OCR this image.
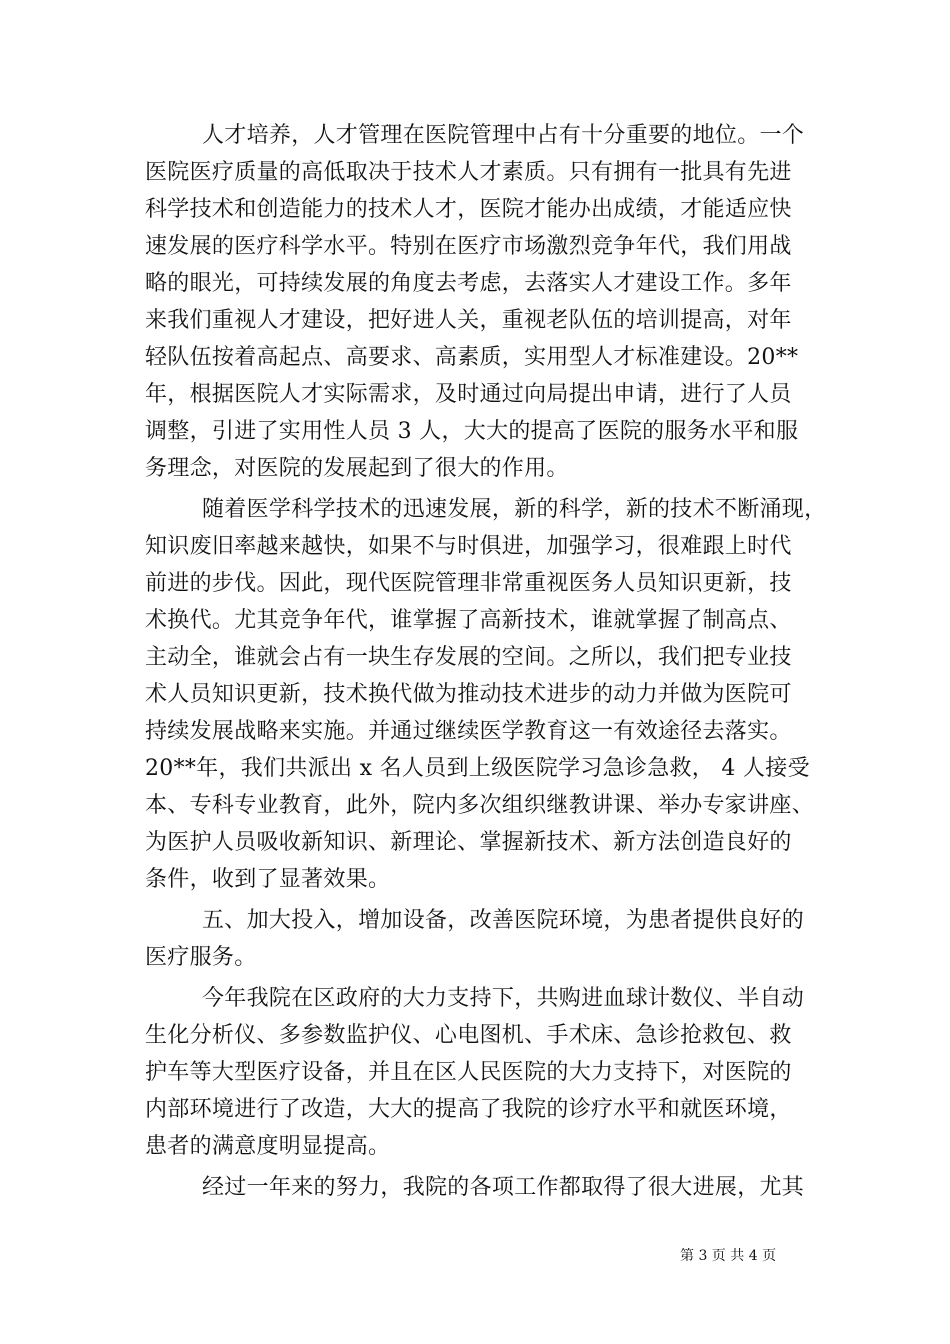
人才培养，人才管理在医院管理中占有十分重要的地位。一个
医院医疗质量的高低取决于技术人才素质。只有拥有一批具有先进
科学技术和创造能力的技术人才，医院才能办出成绩，才能适应快
速发展的医疗科学水平。特别在医疗市场激烈竞争年代，我们用战
略的眼光，可持续发展的角度去考虑，去落实人才建设工作。多年
来我们重视人才建设，把好进人关，重视老队伍的培训提高，对年
轻队伍按着高起点、高要求、高素质，实用型人才标准建设。20**
年，根据医院人才实际需求，及时通过向局提出申请，进行了人员
调整，引进了实用性人员 3 人，大大的提高了医院的服务水平和服
务理念，对医院的发展起到了很大的作用。
随着医学科学技术的迅速发展，新的科学，新的技术不断涌现，
知识废旧率越来越快，如果不与时俱进，加强学习，很难跟上时代
前进的步伐。因此，现代医院管理非常重视医务人员知识更新，技
术换代。尤其竞争年代，谁掌握了高新技术，谁就掌握了制高点、
主动全，谁就会占有一块生存发展的空间。之所以，我们把专业技
术人员知识更新，技术换代做为推动技术进步的动力并做为医院可
持续发展战略来实施。并通过继续医学教育这一有效途径去落实。
20**年，我们共派出 x 名人员到上级医院学习急诊急救， 4 人接受
本、专科专业教育，此外，院内多次组织继教讲课、举办专家讲座、
为医护人员吸收新知识、新理论、掌握新技术、新方法创造良好的
条件，收到了显著效果。
五、加大投入，增加设备，改善医院环境，为患者提供良好的
医疗服务。
今年我院在区政府的大力支持下，共购进血球计数仪、半自动
生化分析仪、多参数监护仪、心电图机、手术床、急诊抢救包、救
护车等大型医疗设备，并且在区人民医院的大力支持下，对医院的
内部环境进行了改造，大大的提高了我院的诊疗水平和就医环境，
患者的满意度明显提高。
经过一年来的努力，我院的各项工作都取得了很大进展，尤其
第 3 页 共 4 页
